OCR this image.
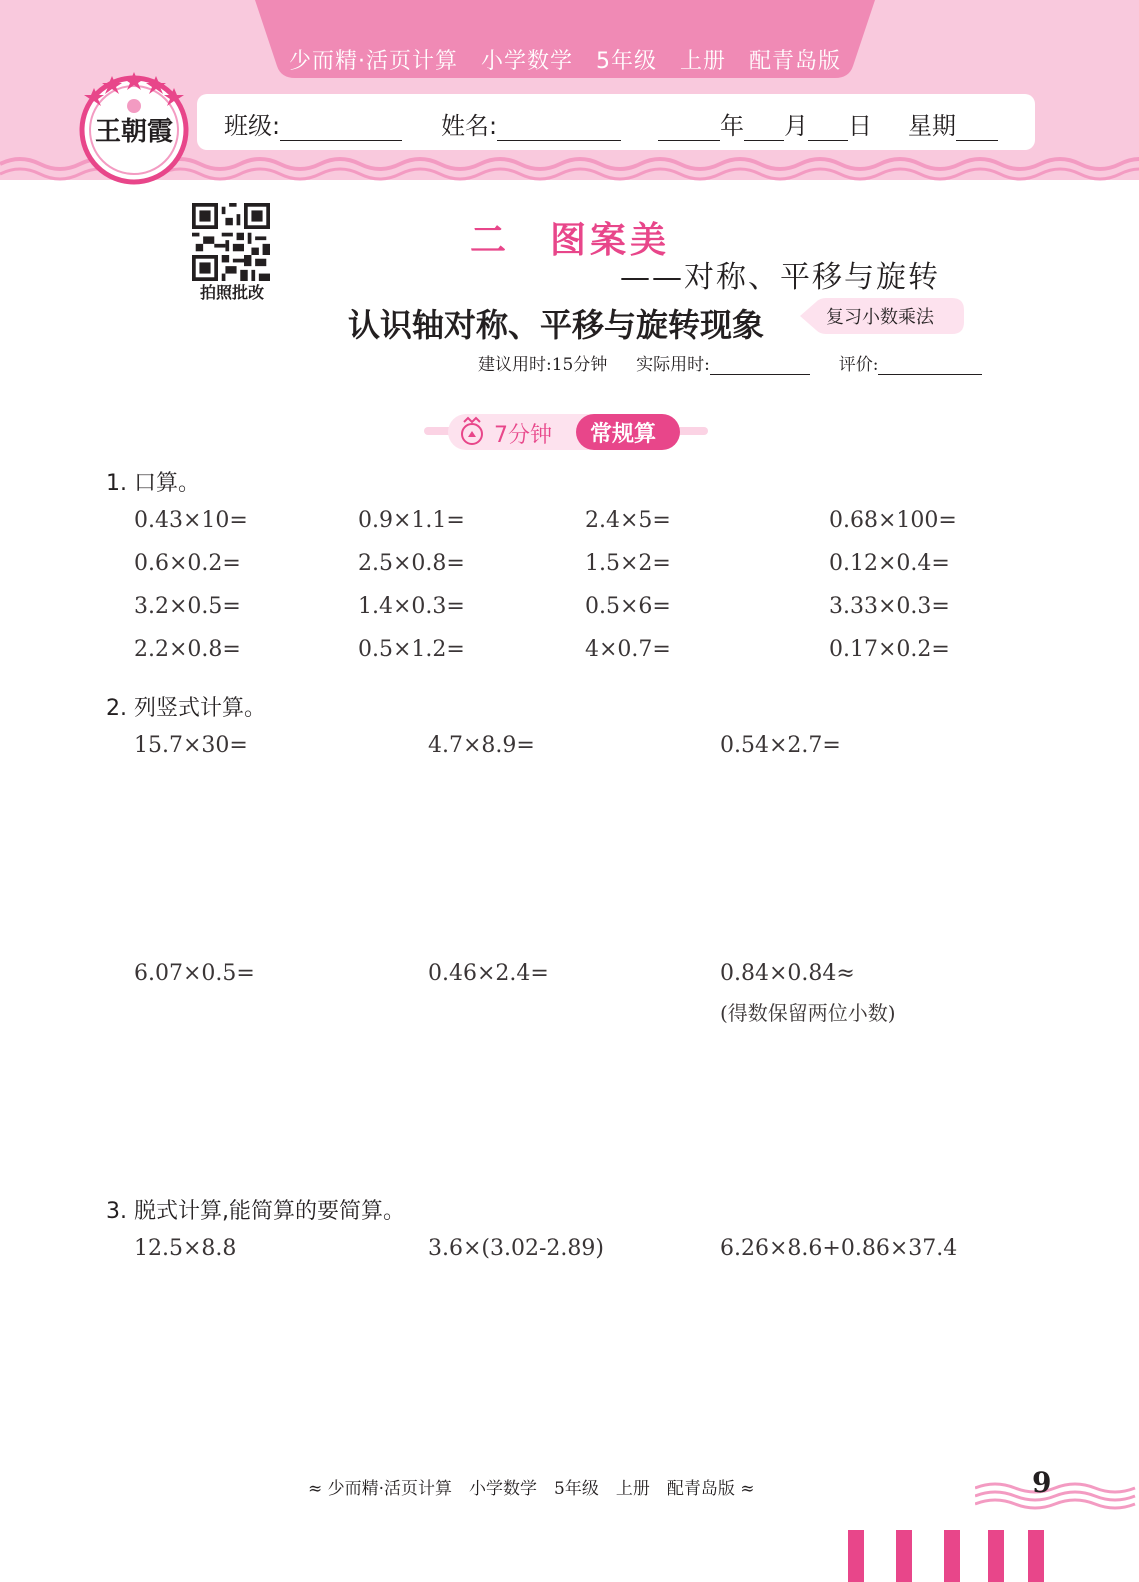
少而精·活页计算　小学数学　5年级　上册　配青岛版
班级:	姓名:	年 月 日 星期
王朝霞
拍照批改
二　图案美
——对称、平移与旋转
认识轴对称、平移与旋转现象	复习小数乘法
建议用时:15分钟 实际用时:	评价:
7分钟 常规算
1. 口算。
0.43×10=	0.9×1.1=	2.4×5=	0.68×100=
0.6×0.2=	2.5×0.8=	1.5×2=	0.12×0.4=
3.2×0.5=	1.4×0.3=	0.5×6=	3.33×0.3=
2.2×0.8=	0.5×1.2=	4×0.7=	0.17×0.2=
2. 列竖式计算。
15.7×30=	4.7×8.9=	0.54×2.7=
6.07×0.5=	0.46×2.4=	0.84×0.84≈
(得数保留两位小数)
3. 脱式计算,能简算的要简算。
12.5×8.8	3.6×(3.02-2.89)	6.26×8.6+0.86×37.4
≈ 少而精·活页计算　小学数学　5年级　上册　配青岛版 ≈	9
